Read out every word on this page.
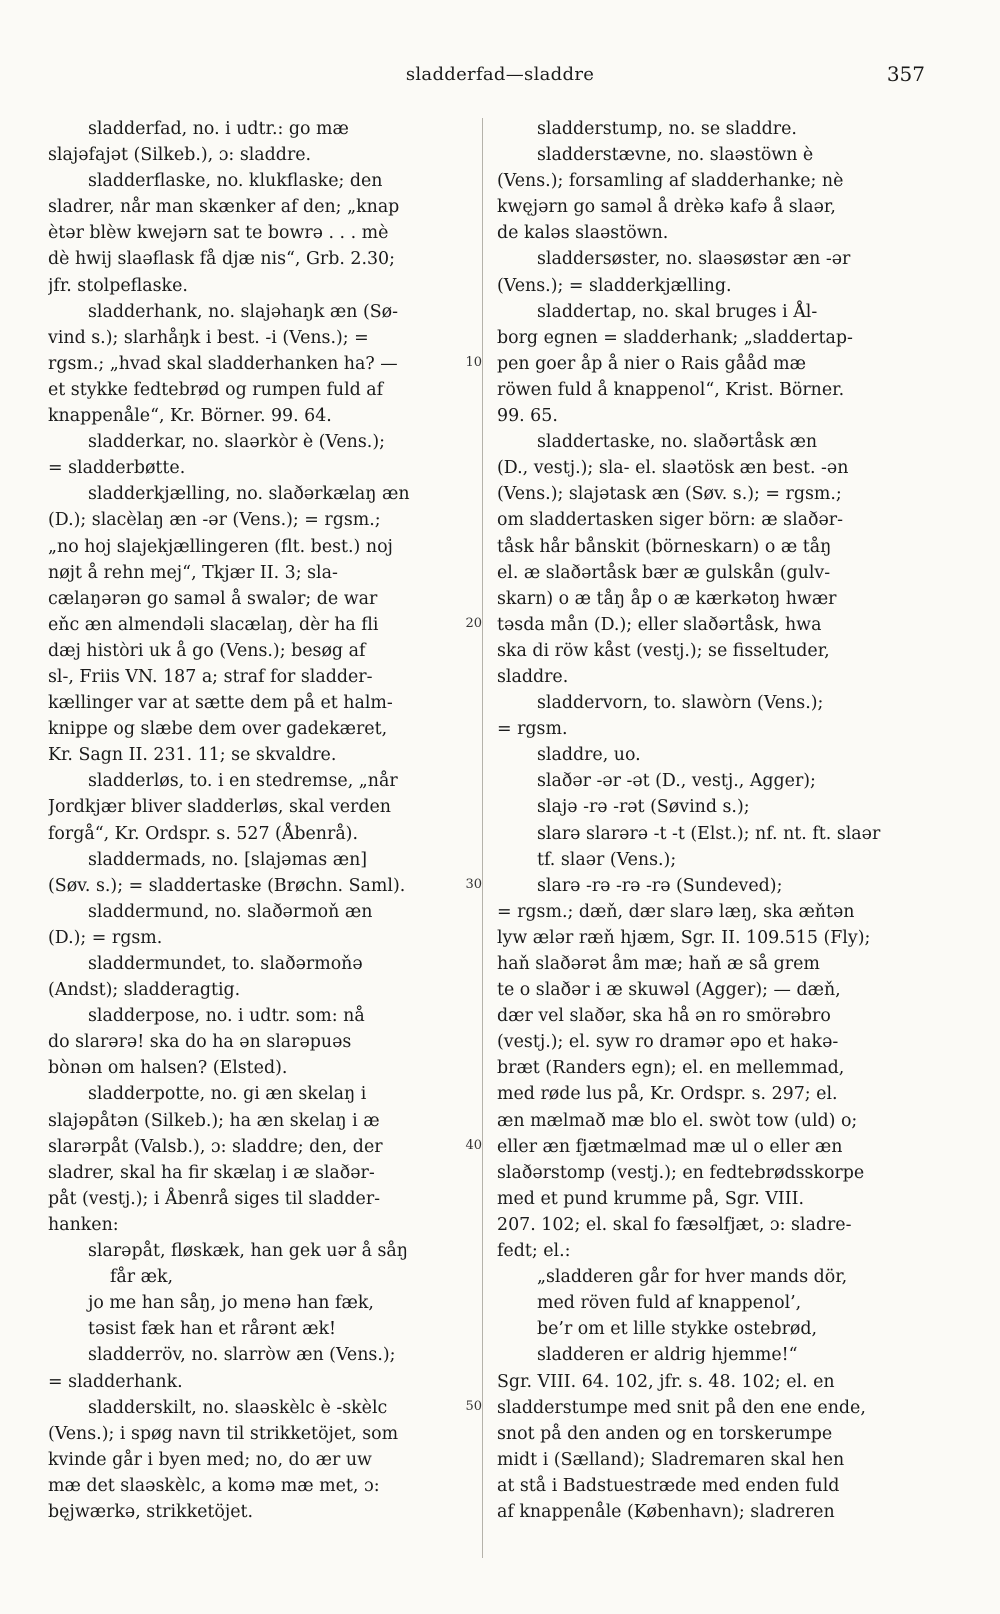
sladderfad—sladdre	357
10
20
30
40
50
sladderfad, no. i udtr.: go mæ
slajəfajət (Silkeb.), ɔ: sladdre.
sladderflaske, no. klukflaske; den
sladrer, når man skænker af den; „knap
ètər blèw kwejərn sat te bowrə . . . mè
dè hwij slaəflask få djæ nis“, Grb. 2.30;
jfr. stolpeflaske.
sladderhank, no. slajəhaŋk æn (Sø-
vind s.); slarhåŋk i best. -i (Vens.); =
rgsm.; „hvad skal sladderhanken ha? —
et stykke fedtebrød og rumpen fuld af
knappenåle“, Kr. Börner. 99. 64.
sladderkar, no. slaərkòr è (Vens.);
= sladderbøtte.
sladderkjælling, no. slaðərkælaŋ æn
(D.); slacèlaŋ æn -ər (Vens.); = rgsm.;
„no hoj slajekjællingeren (flt. best.) noj
nøjt å rehn mej“, Tkjær II. 3; sla-
cælaŋərən go saməl å swalər; de war
eňc æn almendəli slacælaŋ, dèr ha fli
dæj històri uk å go (Vens.); besøg af
sl-, Friis VN. 187 a; straf for sladder-
kællinger var at sætte dem på et halm-
knippe og slæbe dem over gadekæret,
Kr. Sagn II. 231. 11; se skvaldre.
sladderløs, to. i en stedremse, „når
Jordkjær bliver sladderløs, skal verden
forgå“, Kr. Ordspr. s. 527 (Åbenrå).
sladdermads, no. [slajəmas æn]
(Søv. s.); = sladdertaske (Brøchn. Saml).
sladdermund, no. slaðərmoň æn
(D.); = rgsm.
sladdermundet, to. slaðərmoňə
(Andst); sladderagtig.
sladderpose, no. i udtr. som: nå
do slarərə! ska do ha ən slarəpuəs
bònən om halsen? (Elsted).
sladderpotte, no. gi æn skelaŋ i
slajəpåtən (Silkeb.); ha æn skelaŋ i æ
slarərpåt (Valsb.), ɔ: sladdre; den, der
sladrer, skal ha fir skælaŋ i æ slaðər-
påt (vestj.); i Åbenrå siges til sladder-
hanken:
slarəpåt, fløskæk, han gek uər å såŋ
får æk,
jo me han såŋ, jo menə han fæk,
təsist fæk han et rårənt æk!
sladderröv, no. slarròw æn (Vens.);
= sladderhank.
sladderskilt, no. slaəskèlc è -skèlc
(Vens.); i spøg navn til strikketöjet, som
kvinde går i byen med; no, do ær uw
mæ det slaəskèlc, a komə mæ met, ɔ:
bęjwærkə, strikketöjet.
sladderstump, no. se sladdre.
sladderstævne, no. slaəstöwn è
(Vens.); forsamling af sladderhanke; nè
kwęjərn go saməl å drèkə kafə å slaər,
de kaləs slaəstöwn.
sladdersøster, no. slaəsøstər æn -ər
(Vens.); = sladderkjælling.
sladdertap, no. skal bruges i Ål-
borg egnen = sladderhank; „sladdertap-
pen goer åp å nier o Rais gååd mæ
röwen fuld å knappenol“, Krist. Börner.
99. 65.
sladdertaske, no. slaðərtåsk æn
(D., vestj.); sla- el. slaətösk æn best. -ən
(Vens.); slajətask æn (Søv. s.); = rgsm.;
om sladdertasken siger börn: æ slaðər-
tåsk hår bånskit (börneskarn) o æ tåŋ
el. æ slaðərtåsk bær æ gulskån (gulv-
skarn) o æ tåŋ åp o æ kærkətoŋ hwær
təsda mån (D.); eller slaðərtåsk, hwa
ska di röw kåst (vestj.); se fisseltuder,
sladdre.
sladdervorn, to. slawòrn (Vens.);
= rgsm.
sladdre, uo.
slaðər -ər -ət (D., vestj., Agger);
slajə -rə -rət (Søvind s.);
slarə slarərə -t -t (Elst.); nf. nt. ft. slaər
tf. slaər (Vens.);
slarə -rə -rə -rə (Sundeved);
= rgsm.; dæň, dær slarə læŋ, ska æňtən
lyw ælər ræň hjæm, Sgr. II. 109.515 (Fly);
haň slaðərət åm mæ; haň æ så grem
te o slaðər i æ skuwəl (Agger); — dæň,
dær vel slaðər, ska hå ən ro smörəbro
(vestj.); el. syw ro dramər əpo et hakə-
bræt (Randers egn); el. en mellemmad,
med røde lus på, Kr. Ordspr. s. 297; el.
æn mælmað mæ blo el. swòt tow (uld) o;
eller æn fjætmælmad mæ ul o eller æn
slaðərstomp (vestj.); en fedtebrødsskorpe
med et pund krumme på, Sgr. VIII.
207. 102; el. skal fo fæsəlfjæt, ɔ: sladre-
fedt; el.:
„sladderen går for hver mands dör,
med röven fuld af knappenol’,
be’r om et lille stykke ostebrød,
sladderen er aldrig hjemme!“
Sgr. VIII. 64. 102, jfr. s. 48. 102; el. en
sladderstumpe med snit på den ene ende,
snot på den anden og en torskerumpe
midt i (Sælland); Sladremaren skal hen
at stå i Badstuestræde med enden fuld
af knappenåle (København); sladreren
